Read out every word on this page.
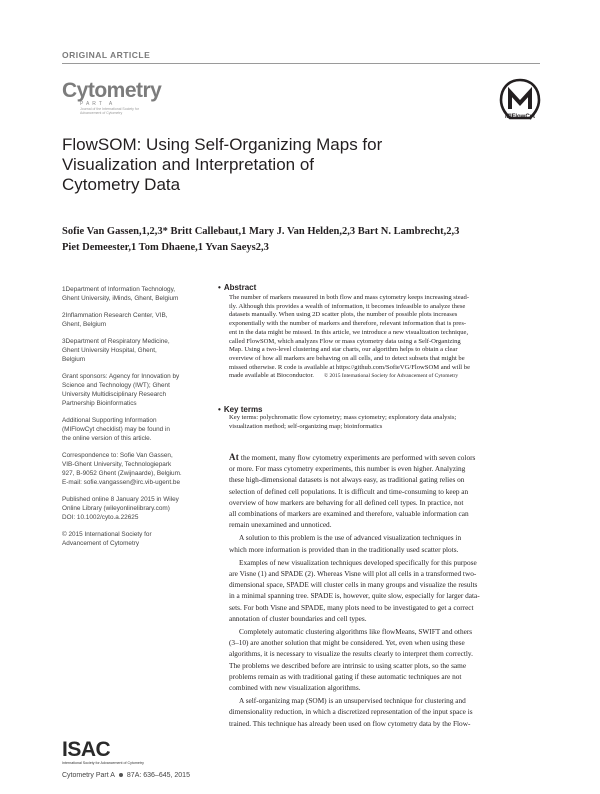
ORIGINAL ARTICLE
Cytometry
PART A
Journal of the International Society for Advancement of Cytometry
MIFlowCyt
FlowSOM: Using Self-Organizing Maps for
Visualization and Interpretation of
Cytometry Data
Sofie Van Gassen,1,2,3* Britt Callebaut,1 Mary J. Van Helden,2,3 Bart N. Lambrecht,2,3
Piet Demeester,1 Tom Dhaene,1 Yvan Saeys2,3
1Department of Information Technology,
Ghent University, iMinds, Ghent, Belgium
2Inflammation Research Center, VIB,
Ghent, Belgium
3Department of Respiratory Medicine,
Ghent University Hospital, Ghent,
Belgium
Grant sponsors: Agency for Innovation by
Science and Technology (IWT); Ghent
University Multidisciplinary Research
Partnership Bioinformatics
Additional Supporting Information
(MIFlowCyt checklist) may be found in
the online version of this article.
Correspondence to: Sofie Van Gassen,
VIB-Ghent University, Technologiepark
927, B-9052 Ghent (Zwijnaarde), Belgium.
E-mail: sofie.vangassen@irc.vib-ugent.be
Published online 8 January 2015 in Wiley
Online Library (wileyonlinelibrary.com)
DOI: 10.1002/cyto.a.22625
© 2015 International Society for
Advancement of Cytometry
• Abstract
The number of markers measured in both flow and mass cytometry keeps increasing stead-
ily. Although this provides a wealth of information, it becomes infeasible to analyze these
datasets manually. When using 2D scatter plots, the number of possible plots increases
exponentially with the number of markers and therefore, relevant information that is pres-
ent in the data might be missed. In this article, we introduce a new visualization technique,
called FlowSOM, which analyzes Flow or mass cytometry data using a Self-Organizing
Map. Using a two-level clustering and star charts, our algorithm helps to obtain a clear
overview of how all markers are behaving on all cells, and to detect subsets that might be
missed otherwise. R code is available at https://github.com/SofieVG/FlowSOM and will be
made available at Bioconductor. © 2015 International Society for Advancement of Cytometry
• Key terms
Key terms: polychromatic flow cytometry; mass cytometry; exploratory data analysis;
visualization method; self-organizing map; bioinformatics
At the moment, many flow cytometry experiments are performed with seven colors
or more. For mass cytometry experiments, this number is even higher. Analyzing
these high-dimensional datasets is not always easy, as traditional gating relies on
selection of defined cell populations. It is difficult and time-consuming to keep an
overview of how markers are behaving for all defined cell types. In practice, not
all combinations of markers are examined and therefore, valuable information can
remain unexamined and unnoticed.
A solution to this problem is the use of advanced visualization techniques in
which more information is provided than in the traditionally used scatter plots.
Examples of new visualization techniques developed specifically for this purpose
are Visne (1) and SPADE (2). Whereas Visne will plot all cells in a transformed two-
dimensional space, SPADE will cluster cells in many groups and visualize the results
in a minimal spanning tree. SPADE is, however, quite slow, especially for larger data-
sets. For both Visne and SPADE, many plots need to be investigated to get a correct
annotation of cluster boundaries and cell types.
Completely automatic clustering algorithms like flowMeans, SWIFT and others
(3–10) are another solution that might be considered. Yet, even when using these
algorithms, it is necessary to visualize the results clearly to interpret them correctly.
The problems we described before are intrinsic to using scatter plots, so the same
problems remain as with traditional gating if these automatic techniques are not
combined with new visualization algorithms.
A self-organizing map (SOM) is an unsupervised technique for clustering and
dimensionality reduction, in which a discretized representation of the input space is
trained. This technique has already been used on flow cytometry data by the Flow-
ISAC
International Society for Advancement of Cytometry
Cytometry Part A 87A: 636–645, 2015
